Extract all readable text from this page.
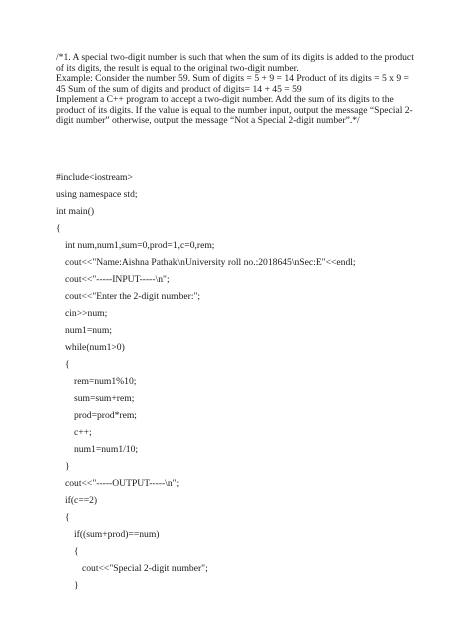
/*1. A special two-digit number is such that when the sum of its digits is added to the product
of its digits, the result is equal to the original two-digit number.
Example: Consider the number 59. Sum of digits = 5 + 9 = 14 Product of its digits = 5 x 9 =
45 Sum of the sum of digits and product of digits= 14 + 45 = 59
Implement a C++ program to accept a two-digit number. Add the sum of its digits to the
product of its digits. If the value is equal to the number input, output the message “Special 2-
digit number” otherwise, output the message “Not a Special 2-digit number”.*/
#include<iostream>
using namespace std;
int main()
{
int num,num1,sum=0,prod=1,c=0,rem;
cout<<"Name:Aishna Pathak\nUniversity roll no.:2018645\nSec:E"<<endl;
cout<<"-----INPUT-----\n";
cout<<"Enter the 2-digit number:";
cin>>num;
num1=num;
while(num1>0)
{
rem=num1%10;
sum=sum+rem;
prod=prod*rem;
c++;
num1=num1/10;
}
cout<<"-----OUTPUT-----\n";
if(c==2)
{
if((sum+prod)==num)
{
cout<<"Special 2-digit number";
}
